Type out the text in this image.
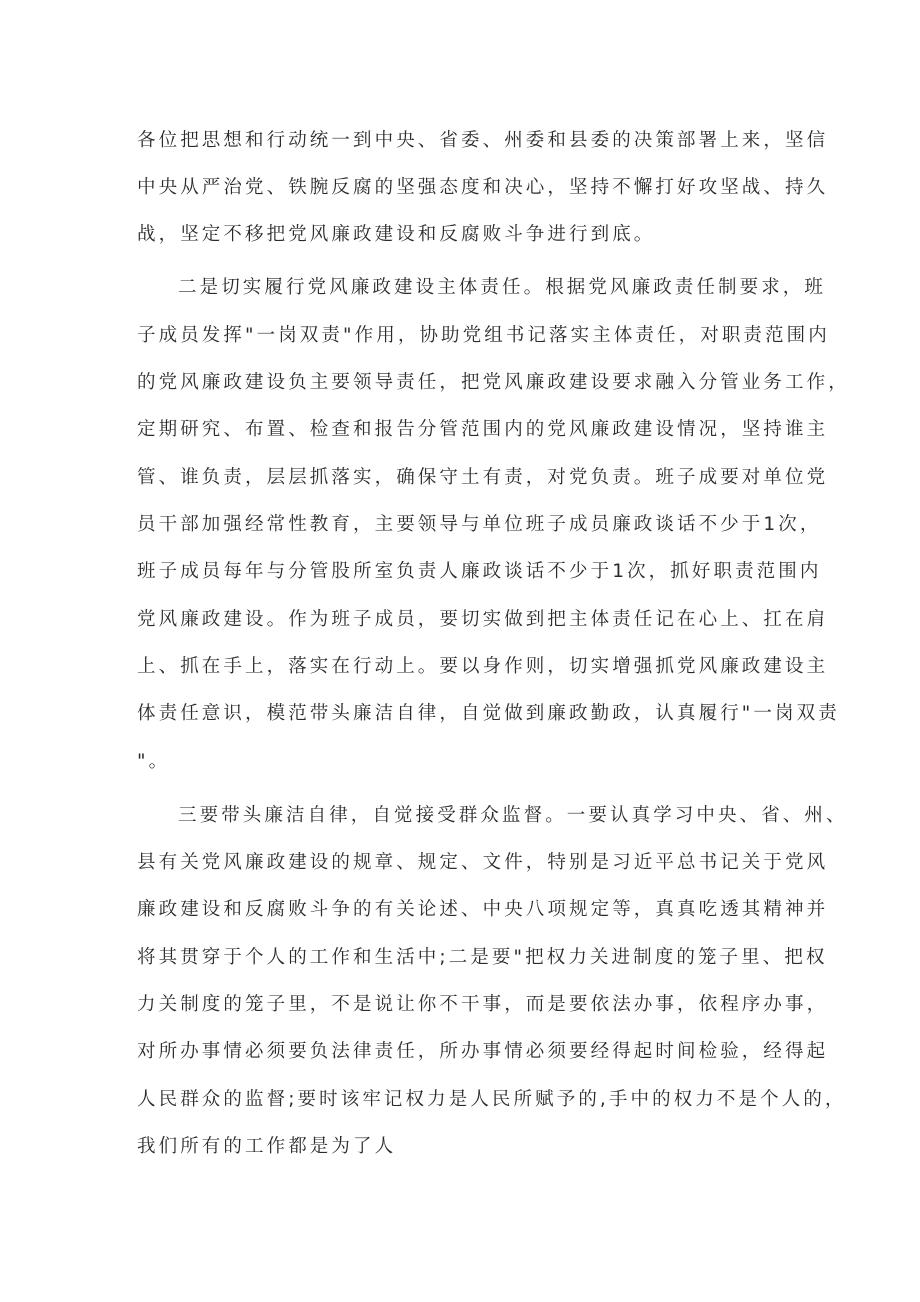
各位把思想和行动统一到中央、省委、州委和县委的决策部署上来，坚信

中央从严治党、铁腕反腐的坚强态度和决心，坚持不懈打好攻坚战、持久

战，坚定不移把党风廉政建设和反腐败斗争进行到底。

二是切实履行党风廉政建设主体责任。根据党风廉政责任制要求，班

子成员发挥"一岗双责"作用，协助党组书记落实主体责任，对职责范围内

的党风廉政建设负主要领导责任，把党风廉政建设要求融入分管业务工作，

定期研究、布置、检查和报告分管范围内的党风廉政建设情况，坚持谁主

管、谁负责，层层抓落实，确保守土有责，对党负责。班子成要对单位党

员干部加强经常性教育，主要领导与单位班子成员廉政谈话不少于1次，

班子成员每年与分管股所室负责人廉政谈话不少于1次，抓好职责范围内

党风廉政建设。作为班子成员，要切实做到把主体责任记在心上、扛在肩

上、抓在手上，落实在行动上。要以身作则，切实增强抓党风廉政建设主

体责任意识，模范带头廉洁自律，自觉做到廉政勤政，认真履行"一岗双责

"。

三要带头廉洁自律，自觉接受群众监督。一要认真学习中央、省、州、

县有关党风廉政建设的规章、规定、文件，特别是习近平总书记关于党风

廉政建设和反腐败斗争的有关论述、中央八项规定等，真真吃透其精神并

将其贯穿于个人的工作和生活中;二是要"把权力关进制度的笼子里、把权

力关制度的笼子里，不是说让你不干事，而是要依法办事，依程序办事，

对所办事情必须要负法律责任，所办事情必须要经得起时间检验，经得起

人民群众的监督;要时该牢记权力是人民所赋予的,手中的权力不是个人的，

我们所有的工作都是为了人
